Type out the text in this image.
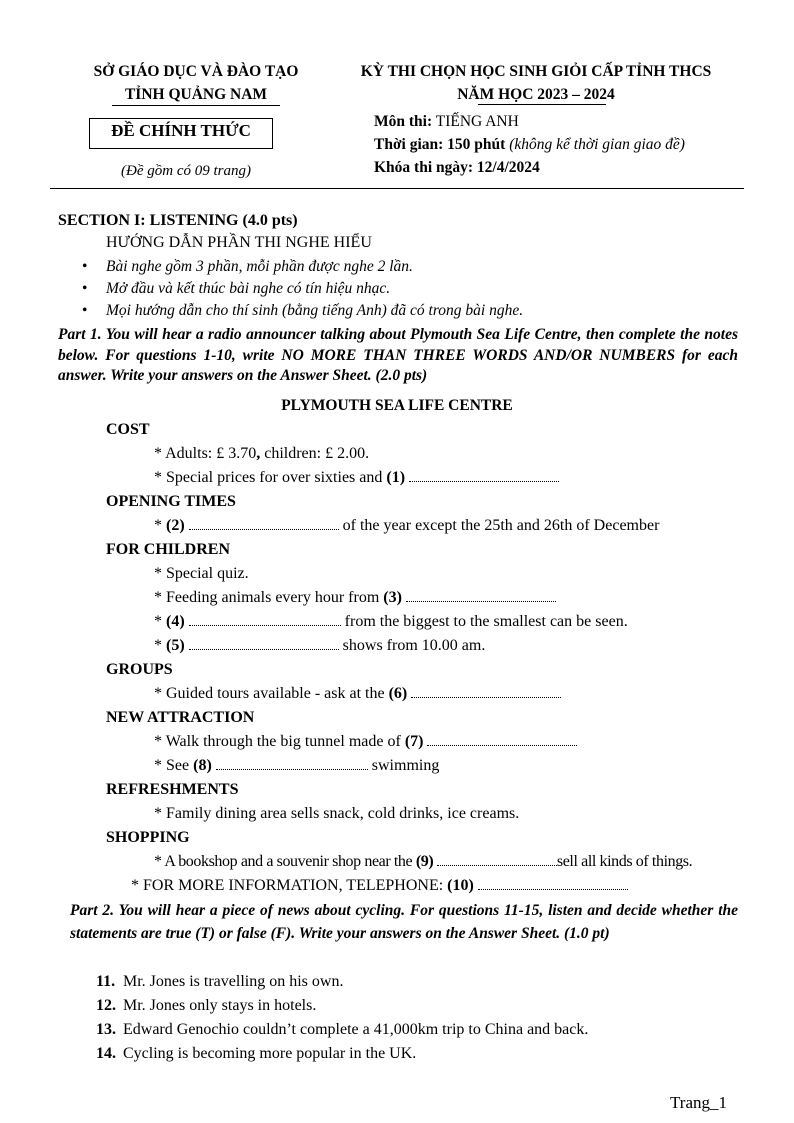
SỞ GIÁO DỤC VÀ ĐÀO TẠO
TỈNH QUẢNG NAM
ĐỀ CHÍNH THỨC
(Đề gồm có 09 trang)
KỲ THI CHỌN HỌC SINH GIỎI CẤP TỈNH THCS
NĂM HỌC 2023 – 2024
Môn thi: TIẾNG ANH
Thời gian: 150 phút (không kể thời gian giao đề)
Khóa thi ngày: 12/4/2024
SECTION I: LISTENING (4.0 pts)
HƯỚNG DẪN PHẦN THI NGHE HIỂU
• Bài nghe gồm 3 phần, mỗi phần được nghe 2 lần.
• Mở đầu và kết thúc bài nghe có tín hiệu nhạc.
• Mọi hướng dẫn cho thí sinh (bằng tiếng Anh) đã có trong bài nghe.
Part 1. You will hear a radio announcer talking about Plymouth Sea Life Centre, then complete the notes below. For questions 1-10, write NO MORE THAN THREE WORDS AND/OR NUMBERS for each answer. Write your answers on the Answer Sheet. (2.0 pts)
PLYMOUTH SEA LIFE CENTRE
COST
* Adults: £ 3.70, children: £ 2.00.
* Special prices for over sixties and (1)
OPENING TIMES
* (2)	of the year except the 25th and 26th of December
FOR CHILDREN
* Special quiz.
* Feeding animals every hour from (3)
* (4)	from the biggest to the smallest can be seen.
* (5)	shows from 10.00 am.
GROUPS
* Guided tours available - ask at the (6)
NEW ATTRACTION
* Walk through the big tunnel made of (7)
* See (8)	swimming
REFRESHMENTS
* Family dining area sells snack, cold drinks, ice creams.
SHOPPING
* A bookshop and a souvenir shop near the (9)	sell all kinds of things.
* FOR MORE INFORMATION, TELEPHONE: (10)
Part 2. You will hear a piece of news about cycling. For questions 11-15, listen and decide whether the statements are true (T) or false (F). Write your answers on the Answer Sheet. (1.0 pt)
11. Mr. Jones is travelling on his own.
12. Mr. Jones only stays in hotels.
13. Edward Genochio couldn’t complete a 41,000km trip to China and back.
14. Cycling is becoming more popular in the UK.
Trang_1
